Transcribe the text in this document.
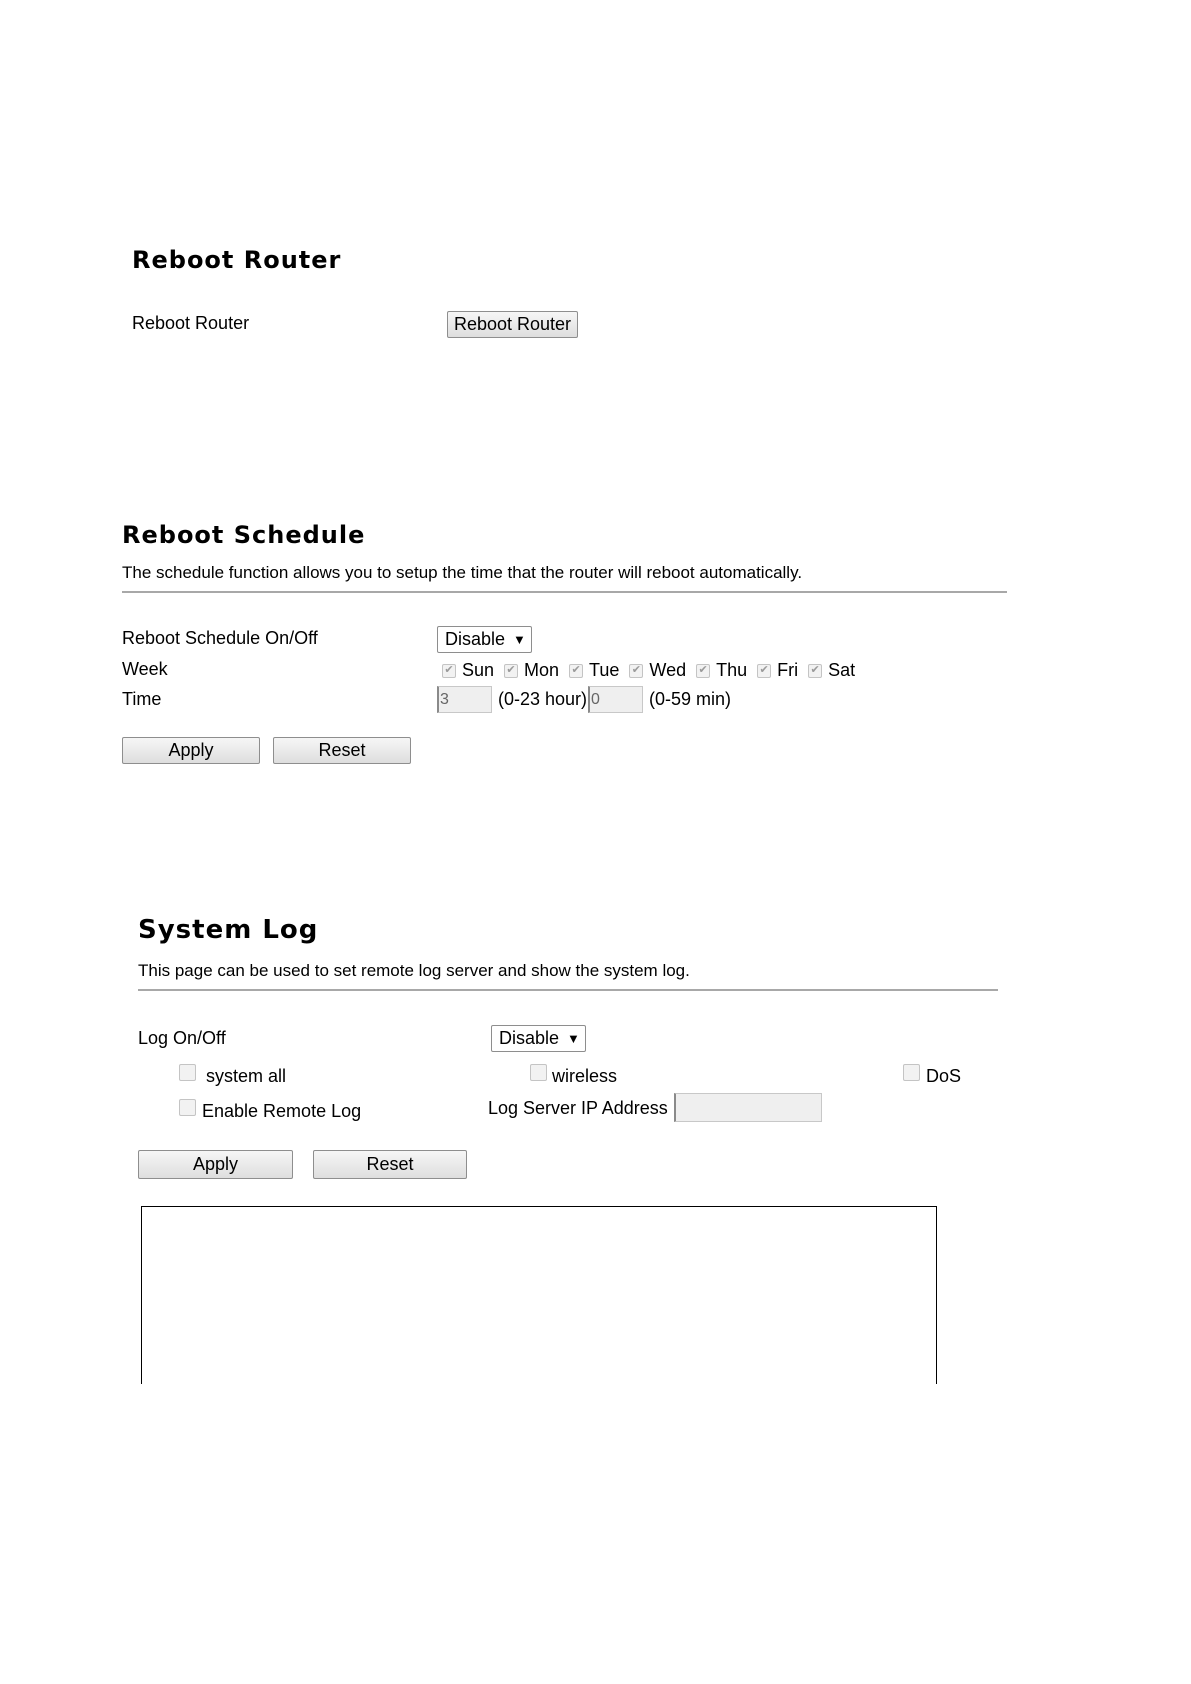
Reboot Router
Reboot Router	Reboot Router
Reboot Schedule
The schedule function allows you to setup the time that the router will reboot automatically.
Reboot Schedule On/Off	Disable ▼
Week	✔ Sun ✔ Mon ✔ Tue ✔ Wed ✔ Thu ✔ Fri ✔ Sat
Time	3	(0-23 hour) 0	(0-59 min)
Apply	Reset
System Log
This page can be used to set remote log server and show the system log.
Log On/Off	Disable ▼
system all	wireless	DoS
Enable Remote Log	Log Server IP Address
Apply	Reset
